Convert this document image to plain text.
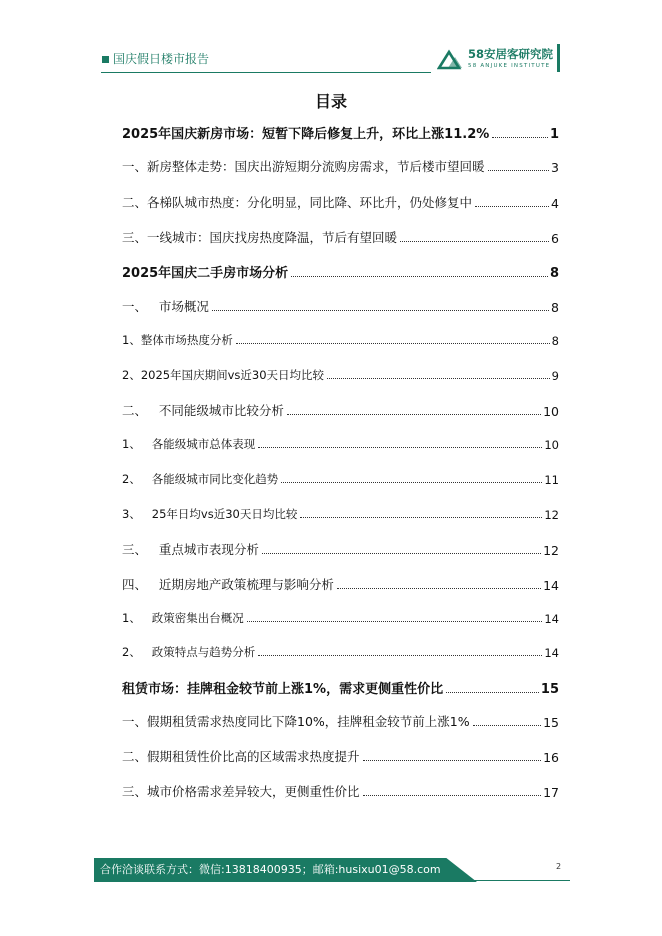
国庆假日楼市报告	58安居客研究院
58 ANJUKE INSTITUTE
目录
2025年国庆新房市场：短暂下降后修复上升，环比上涨11.2%	1
一、新房整体走势：国庆出游短期分流购房需求，节后楼市望回暖	3
二、各梯队城市热度：分化明显，同比降、环比升，仍处修复中	4
三、一线城市：国庆找房热度降温，节后有望回暖	6
2025年国庆二手房市场分析	8
一、   市场概况	8
1、整体市场热度分析	8
2、2025年国庆期间vs近30天日均比较	9
二、   不同能级城市比较分析	10
1、   各能级城市总体表现	10
2、   各能级城市同比变化趋势	11
3、   25年日均vs近30天日均比较	12
三、   重点城市表现分析	12
四、   近期房地产政策梳理与影响分析	14
1、   政策密集出台概况	14
2、   政策特点与趋势分析	14
租赁市场：挂牌租金较节前上涨1%，需求更侧重性价比	15
一、假期租赁需求热度同比下降10%，挂牌租金较节前上涨1%	15
二、假期租赁性价比高的区域需求热度提升	16
三、城市价格需求差异较大，更侧重性价比	17
合作洽谈联系方式：微信:13818400935；邮箱:husixu01@58.com	2
